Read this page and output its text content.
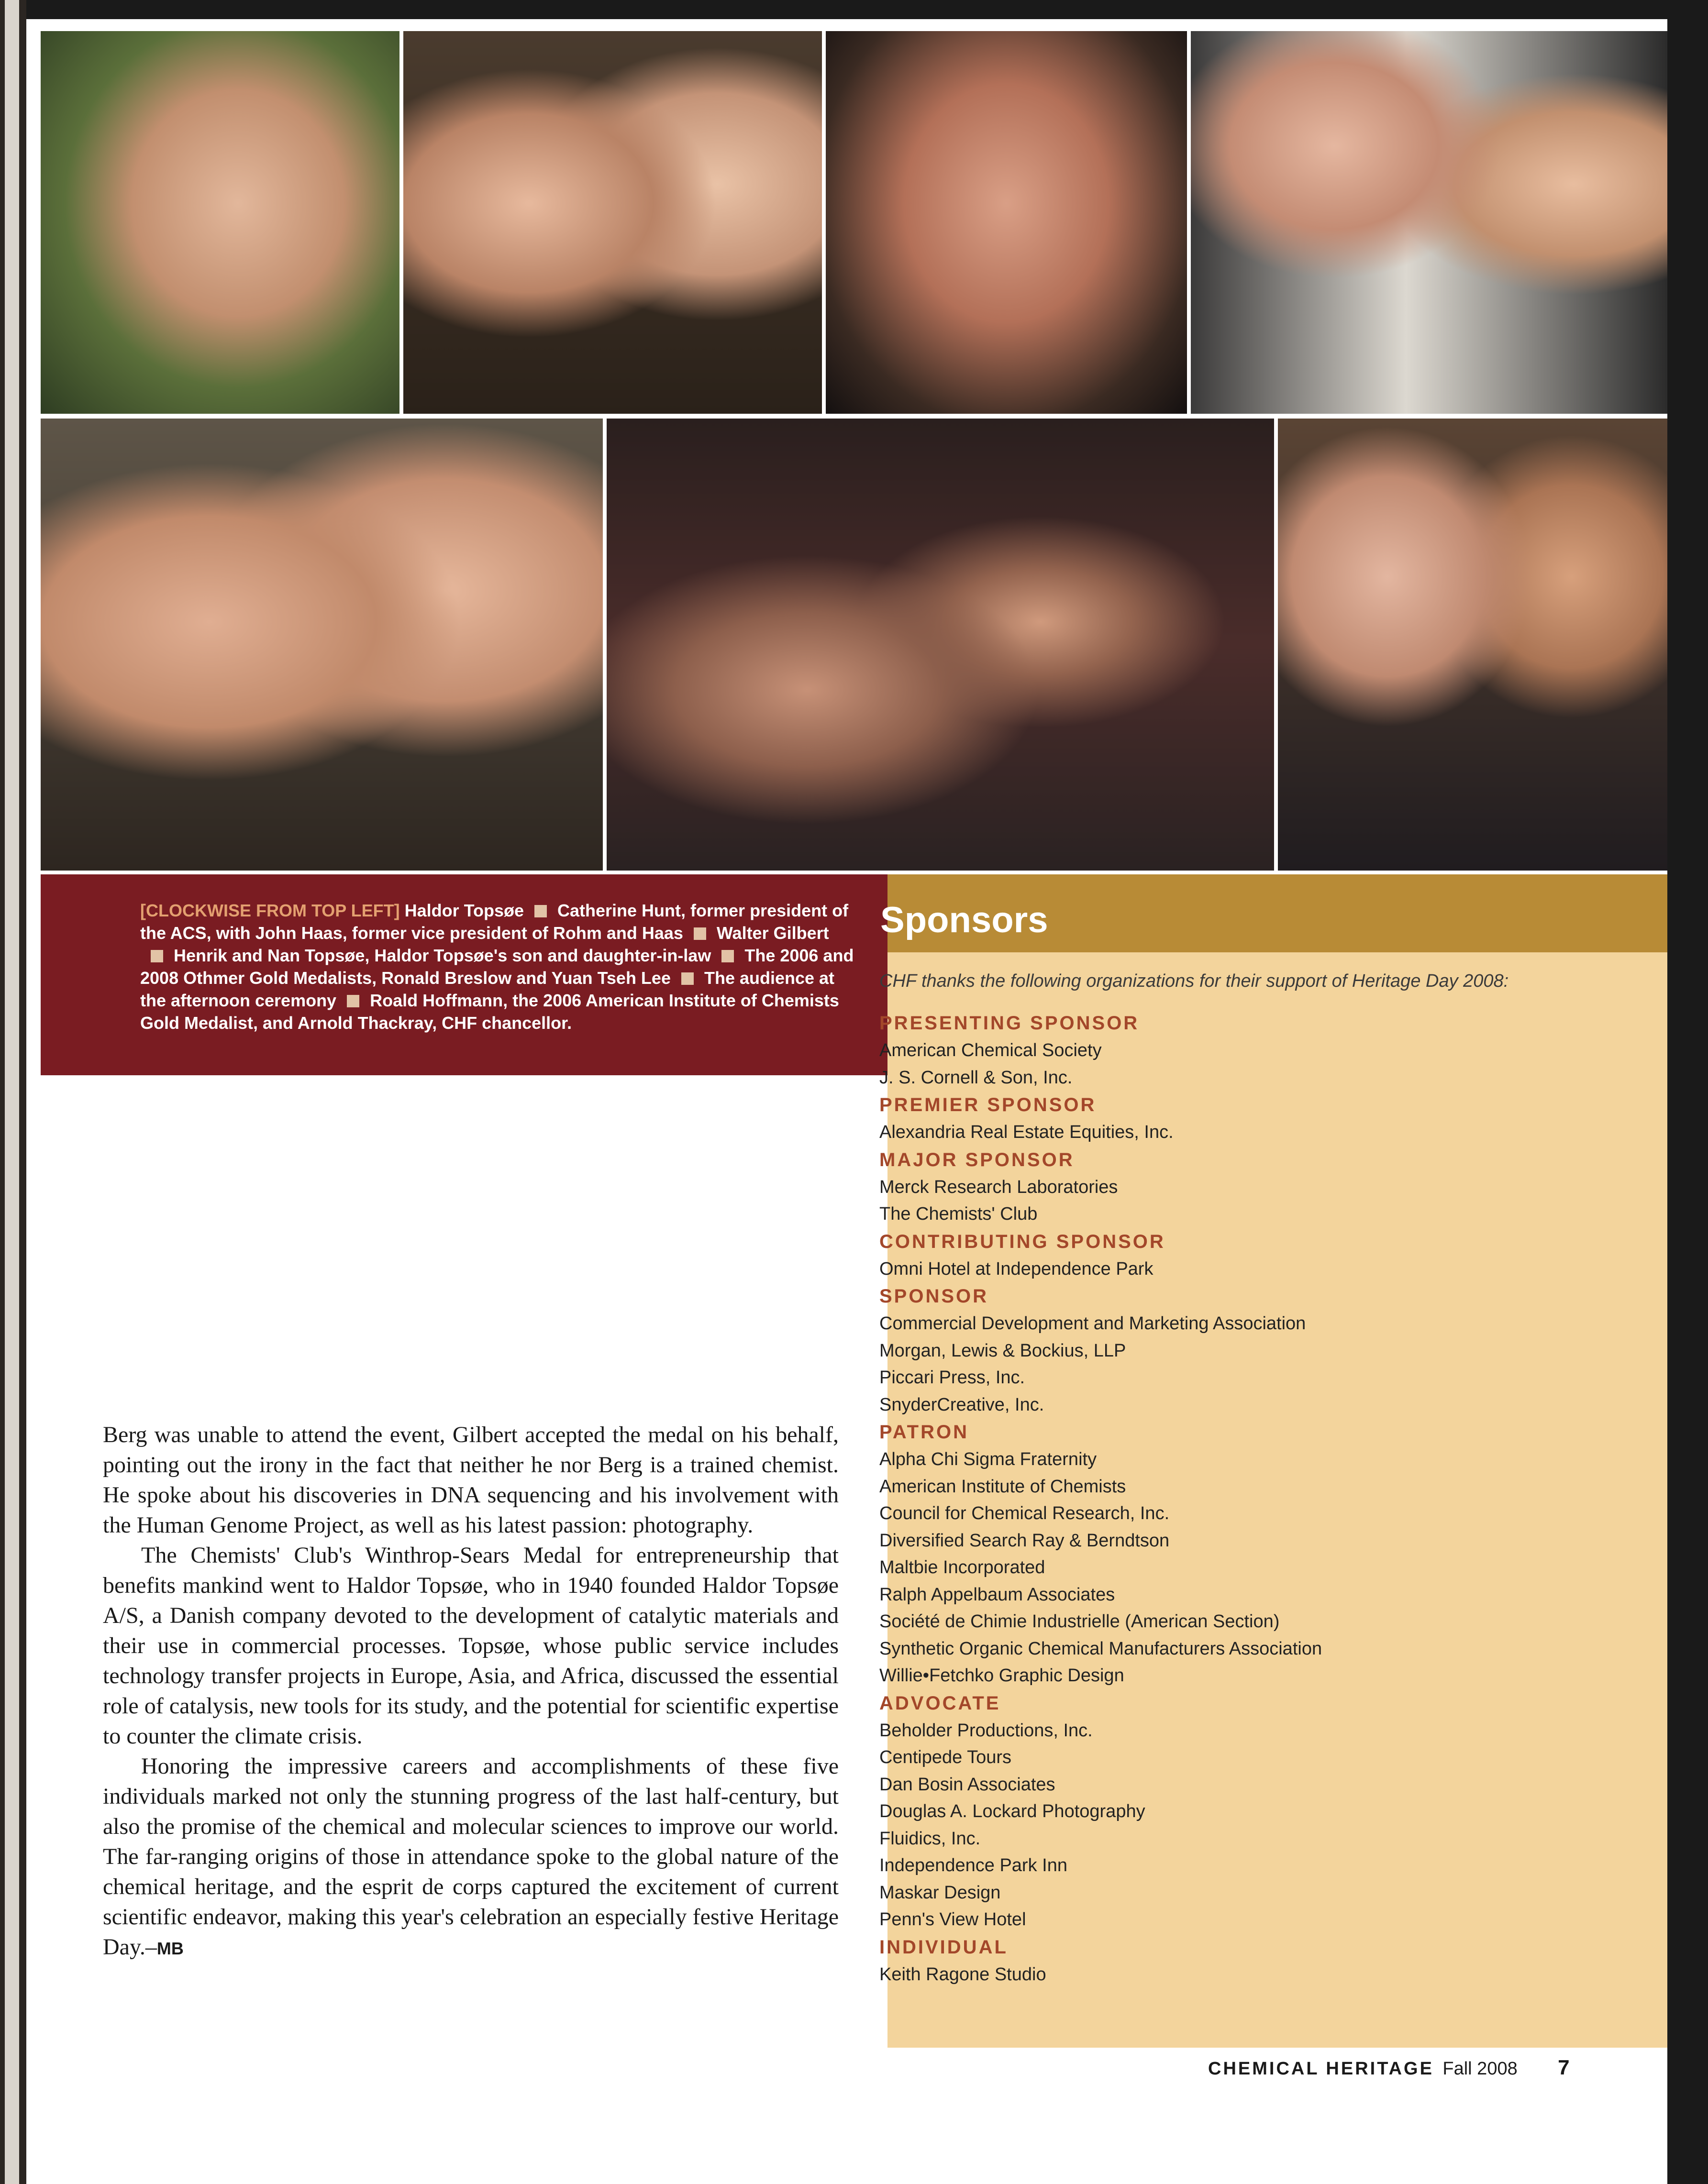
[CLOCKWISE FROM TOP LEFT] Haldor Topsøe Catherine Hunt, former president of the ACS, with John Haas, former vice president of Rohm and Haas Walter GilbertHenrik and Nan Topsøe, Haldor Topsøe's son and daughter-in-law The 2006 and 2008 Othmer Gold Medalists, Ronald Breslow and Yuan Tseh Lee The audience at the afternoon ceremony Roald Hoffmann, the 2006 American Institute of Chemists Gold Medalist, and Arnold Thackray, CHF chancellor.

Berg was unable to attend the event, Gilbert accepted the medal on his behalf, pointing out the irony in the fact that neither he nor Berg is a trained chemist. He spoke about his discoveries in DNA sequencing and his involvement with the Human Genome Project, as well as his latest passion: photography.

The Chemists' Club's Winthrop-Sears Medal for entrepreneurship that benefits mankind went to Haldor Topsøe, who in 1940 founded Haldor Topsøe A/S, a Danish company devoted to the development of catalytic materials and their use in commercial processes. Topsøe, whose public service includes technology transfer projects in Europe, Asia, and Africa, discussed the essential role of catalysis, new tools for its study, and the potential for scientific expertise to counter the climate crisis.

Honoring the impressive careers and accomplishments of these five individuals marked not only the stunning progress of the last half-century, but also the promise of the chemical and molecular sciences to improve our world. The far-ranging origins of those in attendance spoke to the global nature of the chemical heritage, and the esprit de corps captured the excitement of current scientific endeavor, making this year's celebration an especially festive Heritage Day.–MB

Sponsors
CHF thanks the following organizations for their support of Heritage Day 2008:
PRESENTING SPONSOR
American Chemical Society
J. S. Cornell & Son, Inc.
PREMIER SPONSOR
Alexandria Real Estate Equities, Inc.
MAJOR SPONSOR
Merck Research Laboratories
The Chemists' Club
CONTRIBUTING SPONSOR
Omni Hotel at Independence Park
SPONSOR
Commercial Development and Marketing Association
Morgan, Lewis & Bockius, LLP
Piccari Press, Inc.
SnyderCreative, Inc.
PATRON
Alpha Chi Sigma Fraternity
American Institute of Chemists
Council for Chemical Research, Inc.
Diversified Search Ray & Berndtson
Maltbie Incorporated
Ralph Appelbaum Associates
Société de Chimie Industrielle (American Section)
Synthetic Organic Chemical Manufacturers Association
Willie•Fetchko Graphic Design
ADVOCATE
Beholder Productions, Inc.
Centipede Tours
Dan Bosin Associates
Douglas A. Lockard Photography
Fluidics, Inc.
Independence Park Inn
Maskar Design
Penn's View Hotel
INDIVIDUAL
Keith Ragone Studio
CHEMICAL HERITAGE Fall 2008 7
